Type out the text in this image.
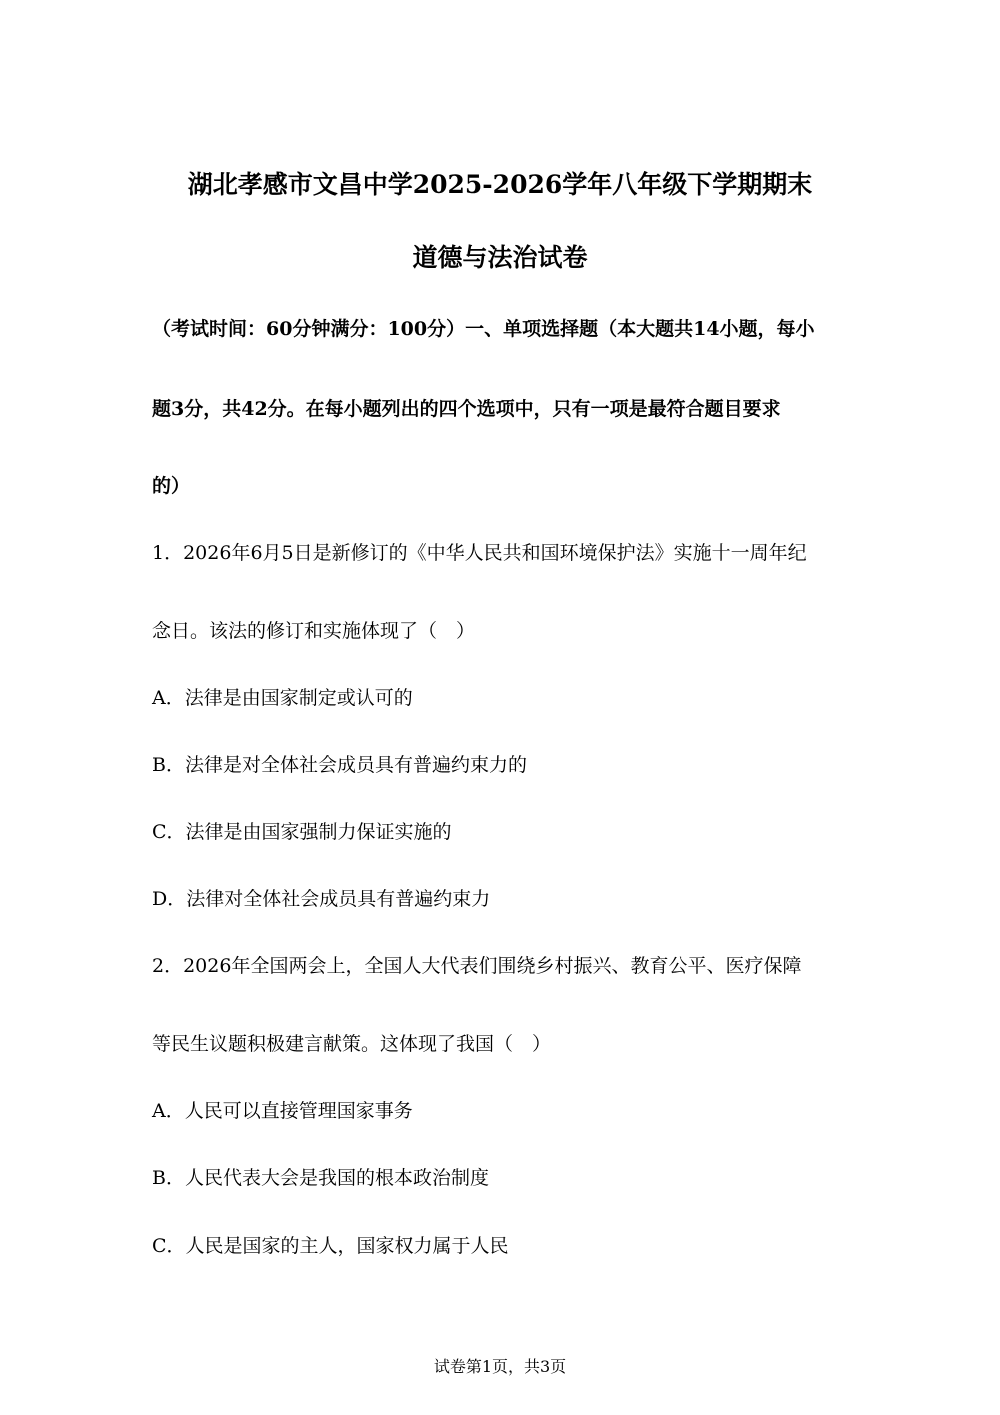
湖北孝感市文昌中学2025-2026学年八年级下学期期末
道德与法治试卷
（考试时间：60分钟满分：100分）一、单项选择题（本大题共14小题，每小
题3分，共42分。在每小题列出的四个选项中，只有一项是最符合题目要求
的）
1．2026年6月5日是新修订的《中华人民共和国环境保护法》实施十一周年纪
念日。该法的修订和实施体现了（　）
A．法律是由国家制定或认可的
B．法律是对全体社会成员具有普遍约束力的
C．法律是由国家强制力保证实施的
D．法律对全体社会成员具有普遍约束力
2．2026年全国两会上，全国人大代表们围绕乡村振兴、教育公平、医疗保障
等民生议题积极建言献策。这体现了我国（　）
A．人民可以直接管理国家事务
B．人民代表大会是我国的根本政治制度
C．人民是国家的主人，国家权力属于人民
试卷第1页，共3页
